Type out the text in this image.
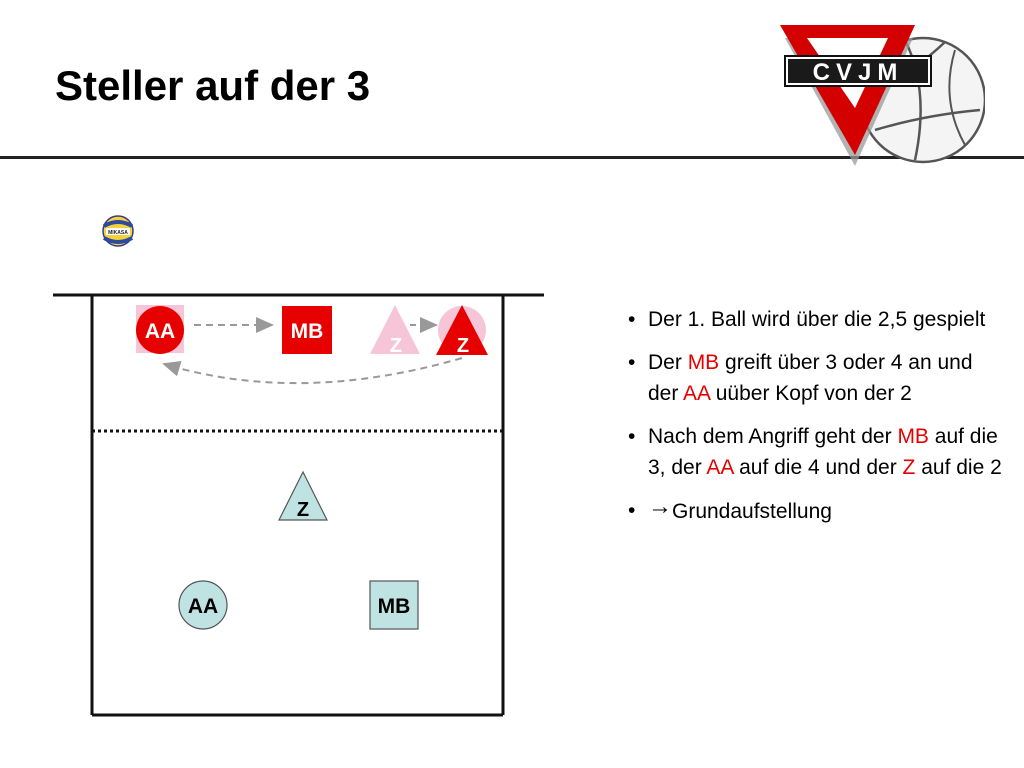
Steller auf der 3	CVJM
MIKASA
AA	MB
Z	Z
Z
AA	MB
• Der 1. Ball wird über die 2,5 gespielt
• Der MB greift über 3 oder 4 an und der AA uüber Kopf von der 2
• Nach dem Angriff geht der MB auf die 3, der AA auf die 4 und der Z auf die 2
• →Grundaufstellung
